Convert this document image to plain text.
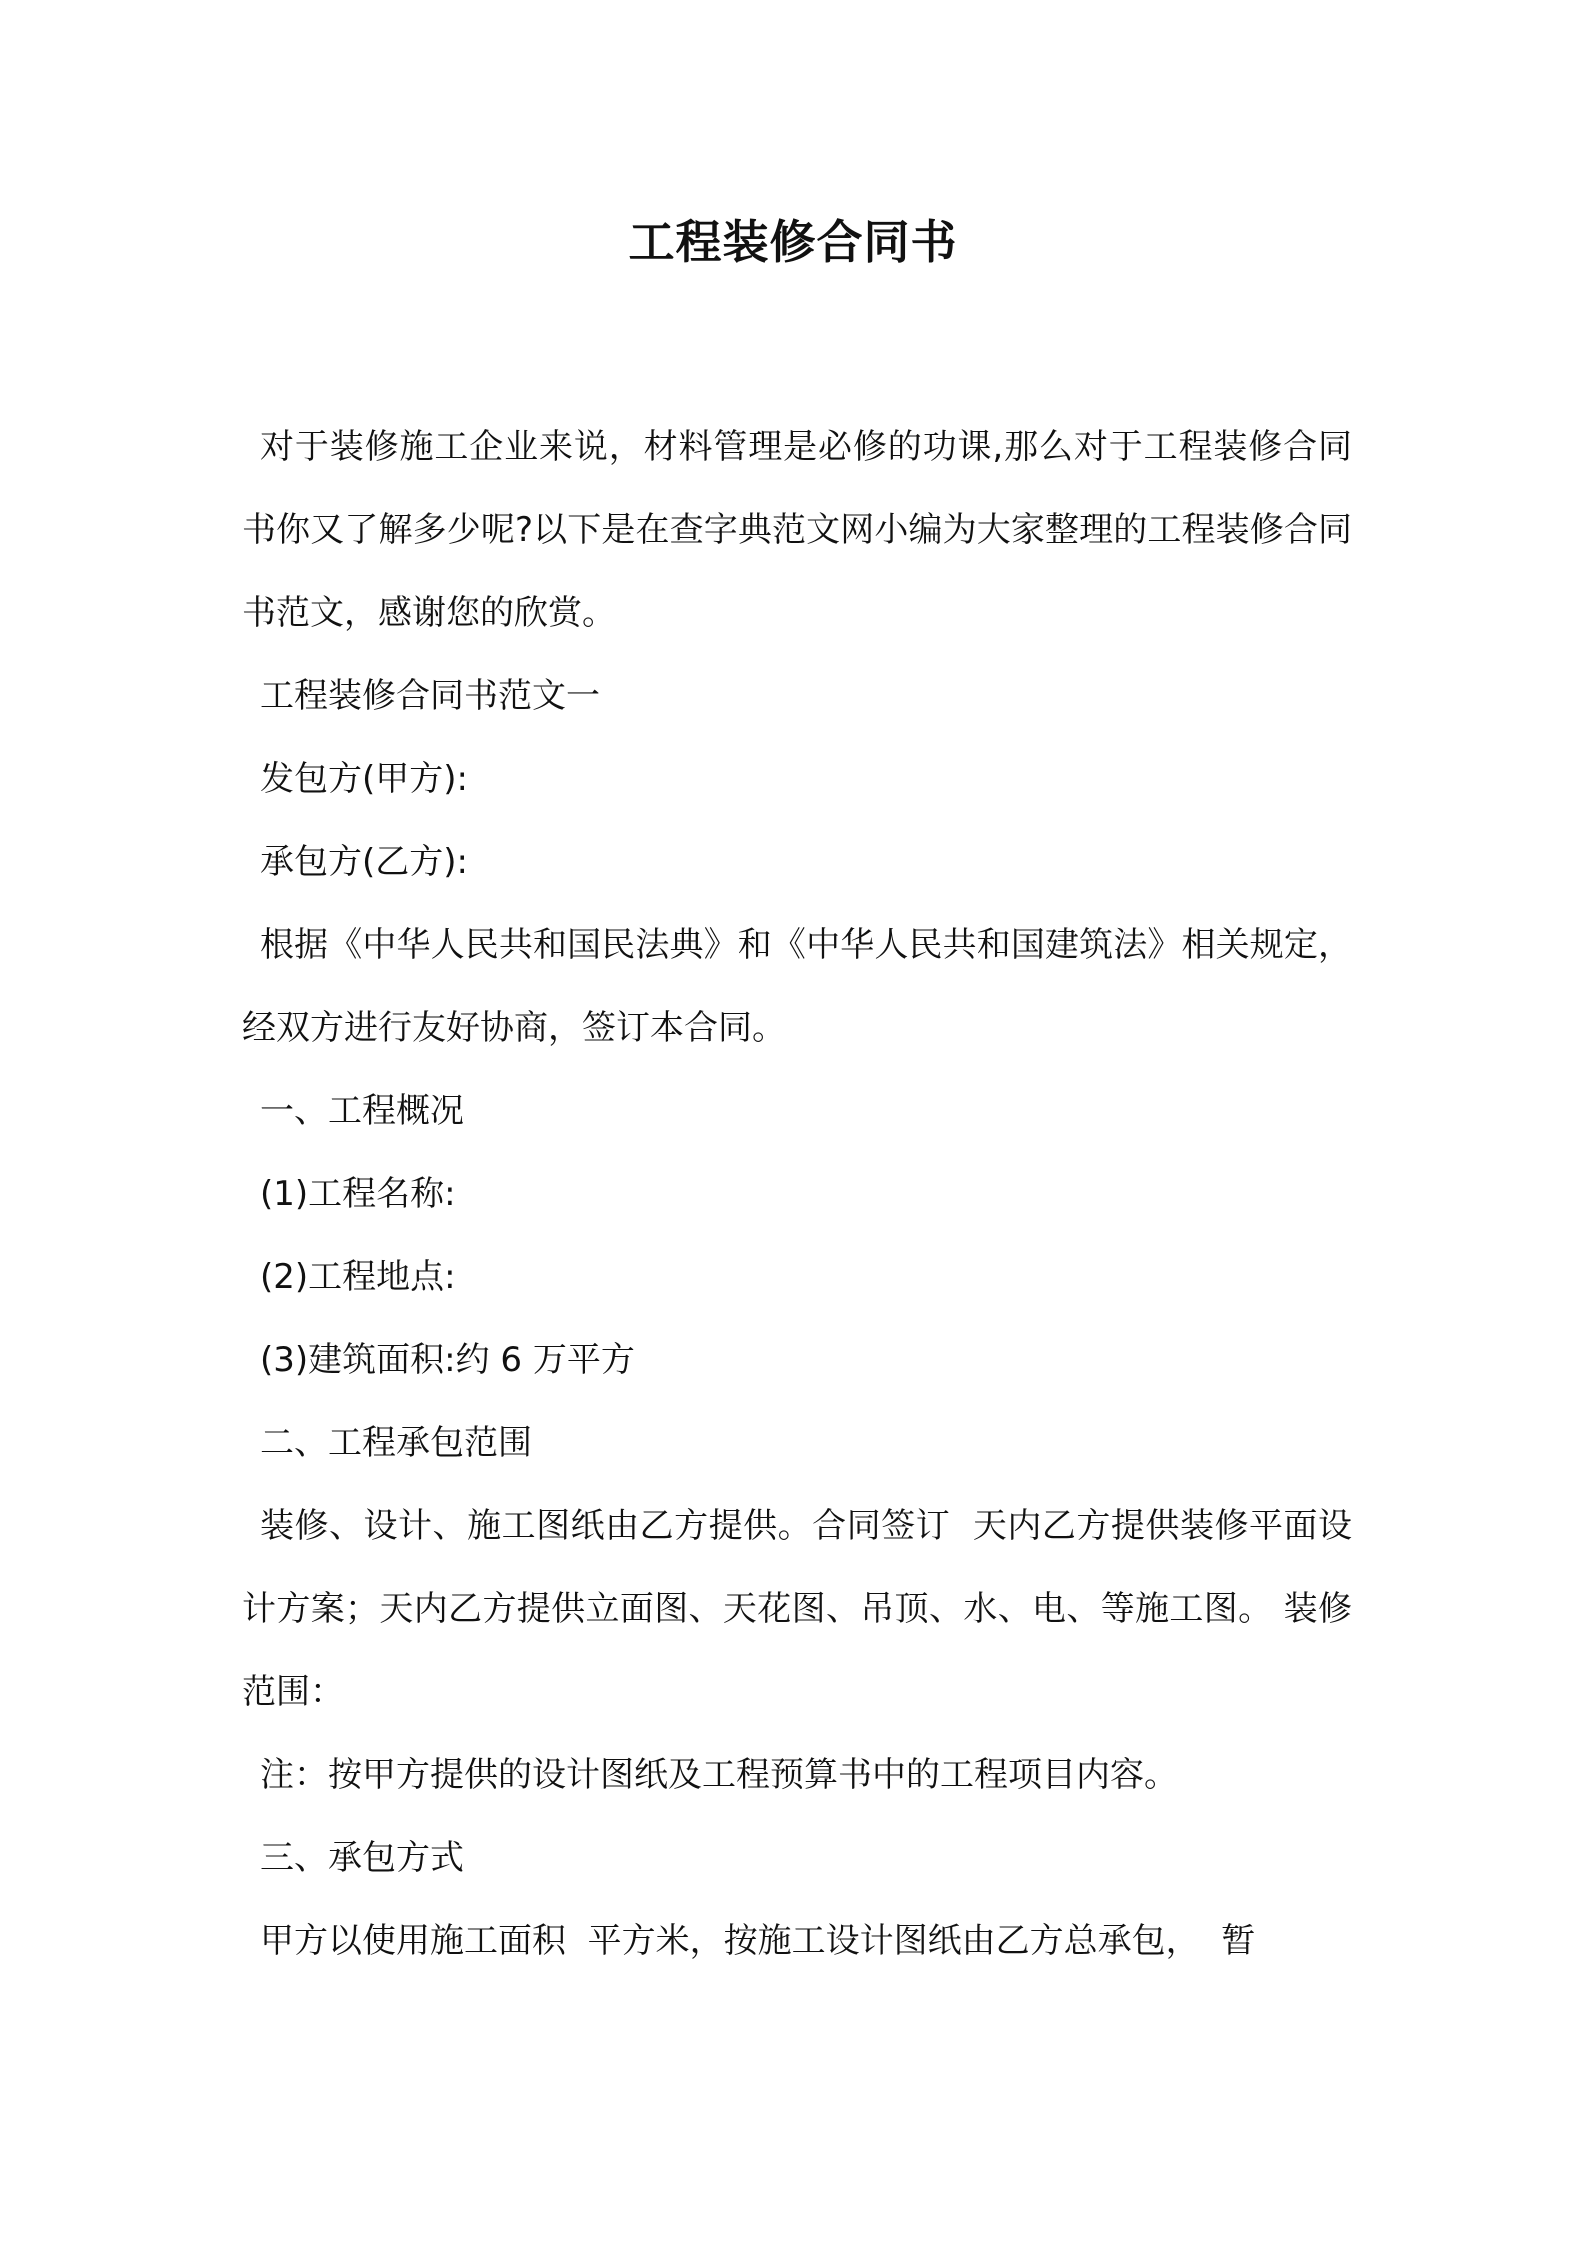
工程装修合同书

对于装修施工企业来说，材料管理是必修的功课,那么对于工程装修合同书你又了解多少呢?以下是在查字典范文网小编为大家整理的工程装修合同书范文，感谢您的欣赏。

工程装修合同书范文一

发包方(甲方):

承包方(乙方):

根据《中华人民共和国民法典》和《中华人民共和国建筑法》相关规定，经双方进行友好协商，签订本合同。

一、工程概况

(1)工程名称:

(2)工程地点:

(3)建筑面积:约 6 万平方

二、工程承包范围

装修、设计、施工图纸由乙方提供。合同签订  天内乙方提供装修平面设计方案；天内乙方提供立面图、天花图、吊顶、水、电、等施工图。 装修范围：

注：按甲方提供的设计图纸及工程预算书中的工程项目内容。

三、承包方式

甲方以使用施工面积  平方米，按施工设计图纸由乙方总承包，  暂
